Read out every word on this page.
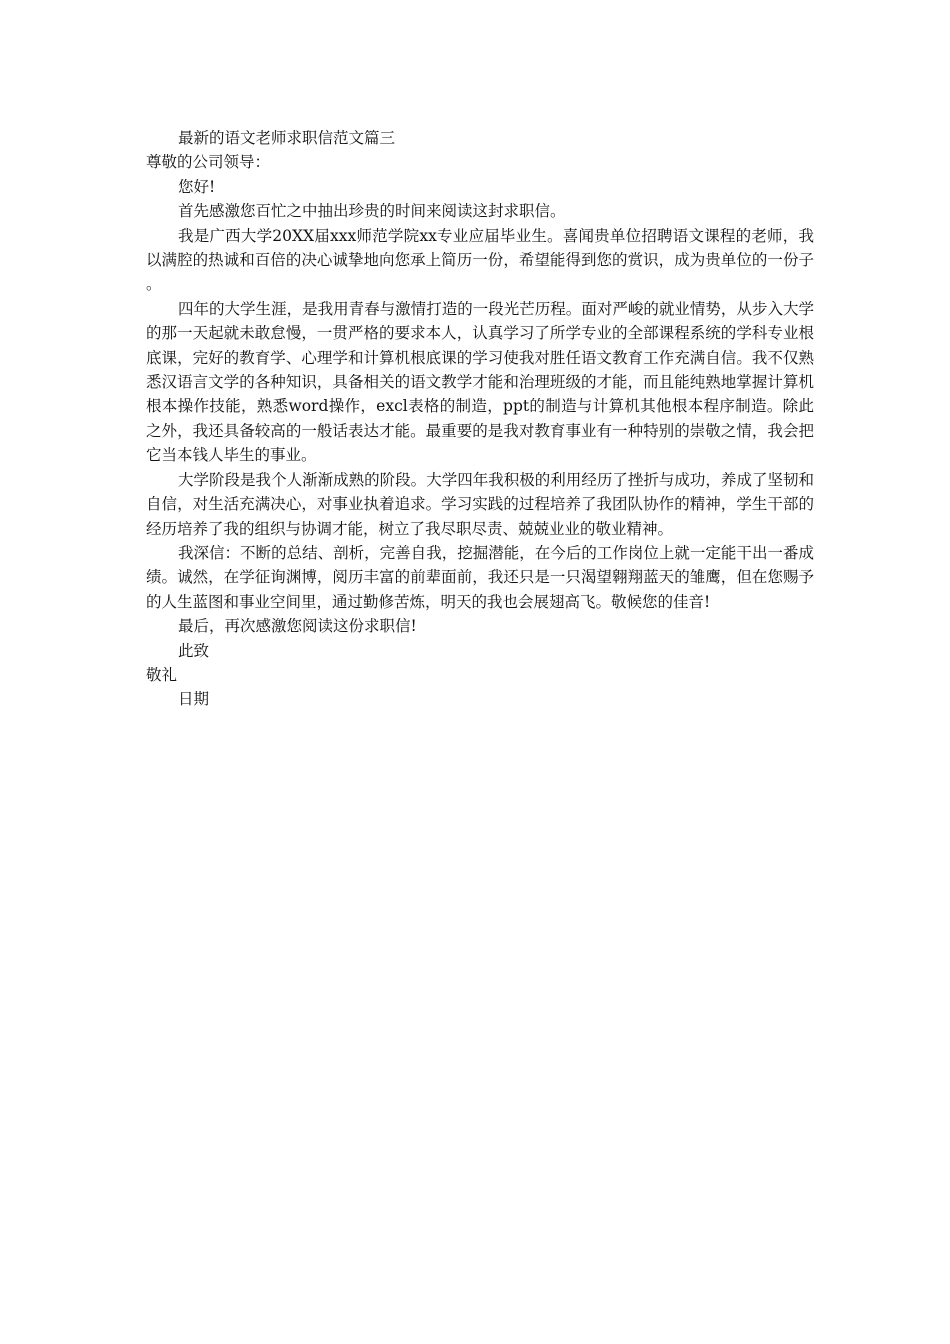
最新的语文老师求职信范文篇三
尊敬的公司领导：
您好!

首先感激您百忙之中抽出珍贵的时间来阅读这封求职信。

我是广西大学20XX届xxx师范学院xx专业应届毕业生。喜闻贵单位招聘语文课程的老师，我以满腔的热诚和百倍的决心诚挚地向您承上简历一份，希望能得到您的赏识，成为贵单位的一份子。

四年的大学生涯，是我用青春与激情打造的一段光芒历程。面对严峻的就业情势，从步入大学的那一天起就未敢怠慢，一贯严格的要求本人，认真学习了所学专业的全部课程系统的学科专业根底课，完好的教育学、心理学和计算机根底课的学习使我对胜任语文教育工作充满自信。我不仅熟悉汉语言文学的各种知识，具备相关的语文教学才能和治理班级的才能，而且能纯熟地掌握计算机根本操作技能，熟悉word操作，excl表格的制造，ppt的制造与计算机其他根本程序制造。除此之外，我还具备较高的一般话表达才能。最重要的是我对教育事业有一种特别的崇敬之情，我会把它当本钱人毕生的事业。

大学阶段是我个人渐渐成熟的阶段。大学四年我积极的利用经历了挫折与成功，养成了坚韧和自信，对生活充满决心，对事业执着追求。学习实践的过程培养了我团队协作的精神，学生干部的经历培养了我的组织与协调才能，树立了我尽职尽责、兢兢业业的敬业精神。

我深信：不断的总结、剖析，完善自我，挖掘潜能，在今后的工作岗位上就一定能干出一番成绩。诚然，在学征询渊博，阅历丰富的前辈面前，我还只是一只渴望翱翔蓝天的雏鹰，但在您赐予的人生蓝图和事业空间里，通过勤修苦炼，明天的我也会展翅高飞。敬候您的佳音!

最后，再次感激您阅读这份求职信!

此致
敬礼
日期
